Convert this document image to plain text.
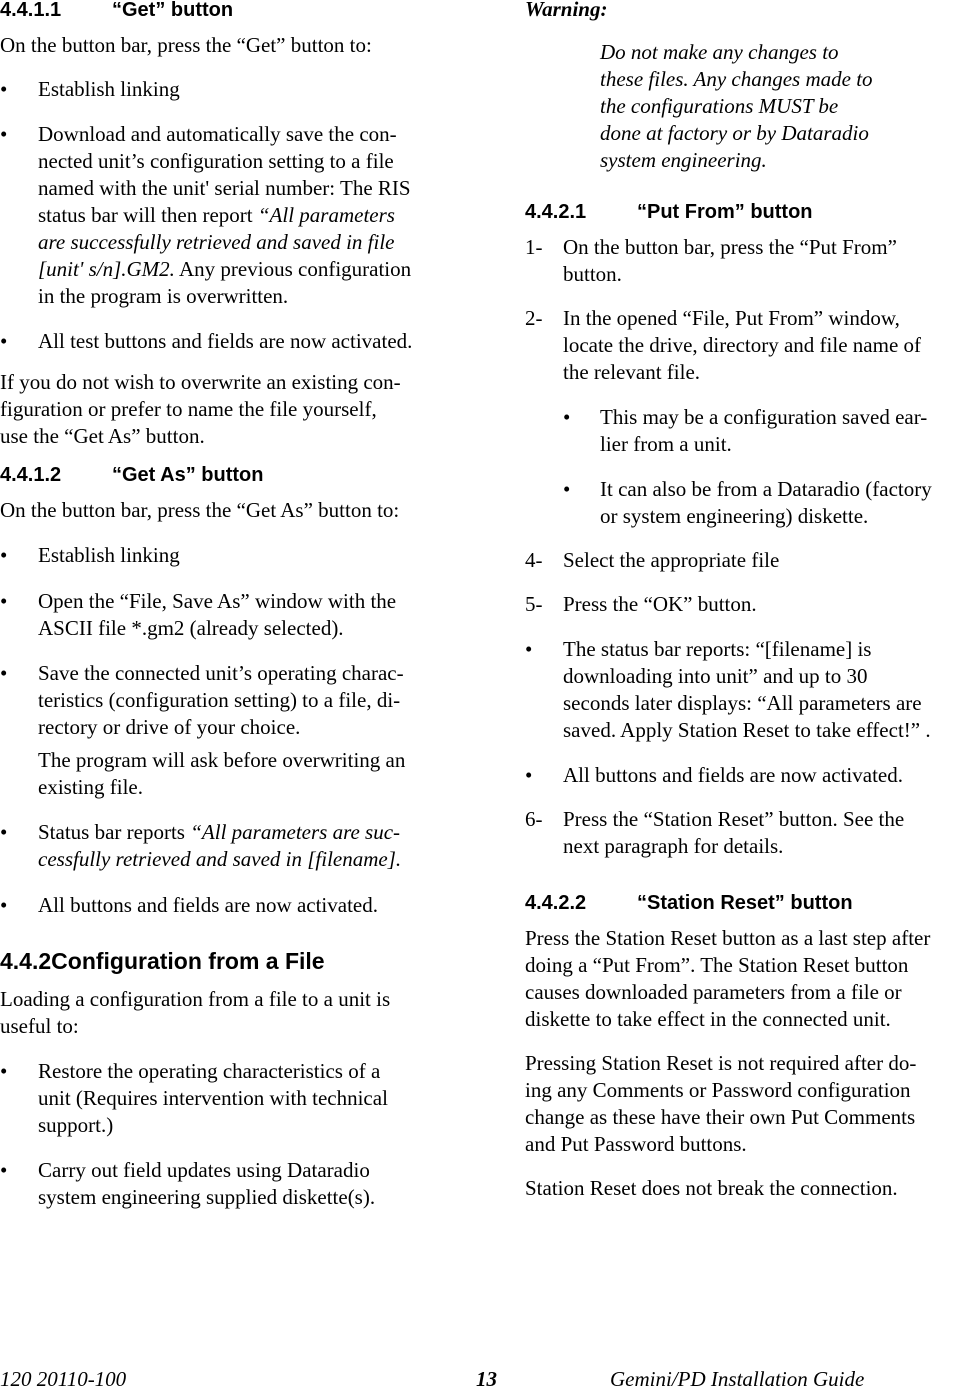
4.4.1.1	“Get” button

On the button bar, press the “Get” button to:

• Establish linking
• Download and automatically save the con-
nected unit’s configuration setting to a file
named with the unit' serial number: The RIS
status bar will then report “All parameters
are successfully retrieved and saved in file
[unit' s/n].GM2. Any previous configuration
in the program is overwritten.
• All test buttons and fields are now activated.
If you do not wish to overwrite an existing con-
figuration or prefer to name the file yourself,
use the “Get As” button.
4.4.1.2	“Get As” button

On the button bar, press the “Get As” button to:

• Establish linking
• Open the “File, Save As” window with the
ASCII file *.gm2 (already selected).
• Save the connected unit’s operating charac-
teristics (configuration setting) to a file, di-
rectory or drive of your choice.
The program will ask before overwriting an
existing file.
• Status bar reports “All parameters are suc-
cessfully retrieved and saved in [filename].
• All buttons and fields are now activated.
4.4.2Configuration from a File
Loading a configuration from a file to a unit is
useful to:
• Restore the operating characteristics of a
unit (Requires intervention with technical
support.)
• Carry out field updates using Dataradio
system engineering supplied diskette(s).

Warning:

Do not make any changes to
these files. Any changes made to
the configurations MUST be
done at factory or by Dataradio
system engineering.
4.4.2.1	“Put From” button
1- On the button bar, press the “Put From”
button.
2- In the opened “File, Put From” window,
locate the drive, directory and file name of
the relevant file.
• This may be a configuration saved ear-
lier from a unit.
• It can also be from a Dataradio (factory
or system engineering) diskette.
4- Select the appropriate file
5- Press the “OK” button.
• The status bar reports: “[filename] is
downloading into unit” and up to 30
seconds later displays: “All parameters are
saved. Apply Station Reset to take effect!” .
• All buttons and fields are now activated.
6- Press the “Station Reset” button. See the
next paragraph for details.
4.4.2.2	“Station Reset” button
Press the Station Reset button as a last step after
doing a “Put From”. The Station Reset button
causes downloaded parameters from a file or
diskette to take effect in the connected unit.
Pressing Station Reset is not required after do-
ing any Comments or Password configuration
change as these have their own Put Comments
and Put Password buttons.

Station Reset does not break the connection.

120 20110-100	13	Gemini/PD Installation Guide
